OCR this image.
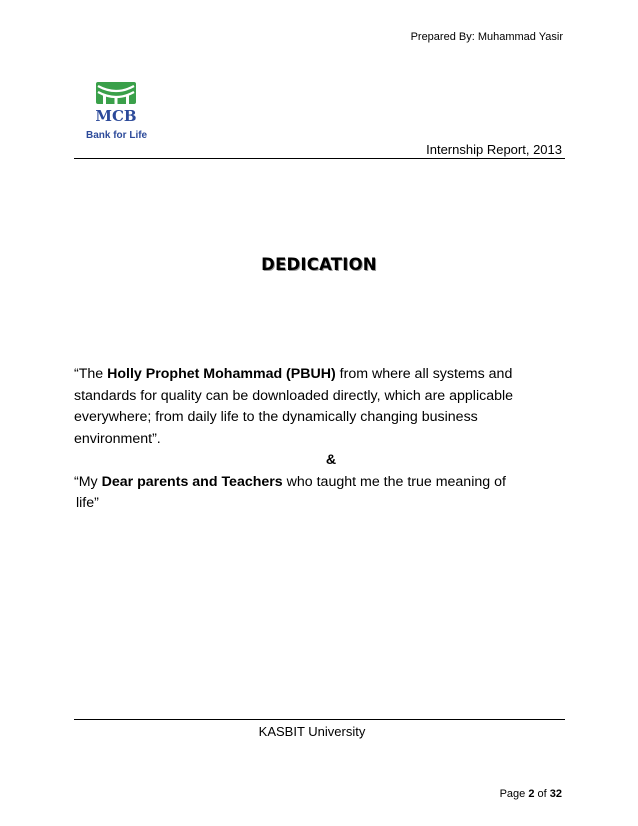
Prepared By: Muhammad Yasir
MCB
Bank for Life
Internship Report, 2013
DEDICATION

“The Holly Prophet Mohammad (PBUH) from where all systems and standards for quality can be downloaded directly, which are applicable everywhere; from daily life to the dynamically changing business environment”.

&

“My Dear parents and Teachers who taught me the true meaning of

life”

KASBIT University
Page 2 of 32
